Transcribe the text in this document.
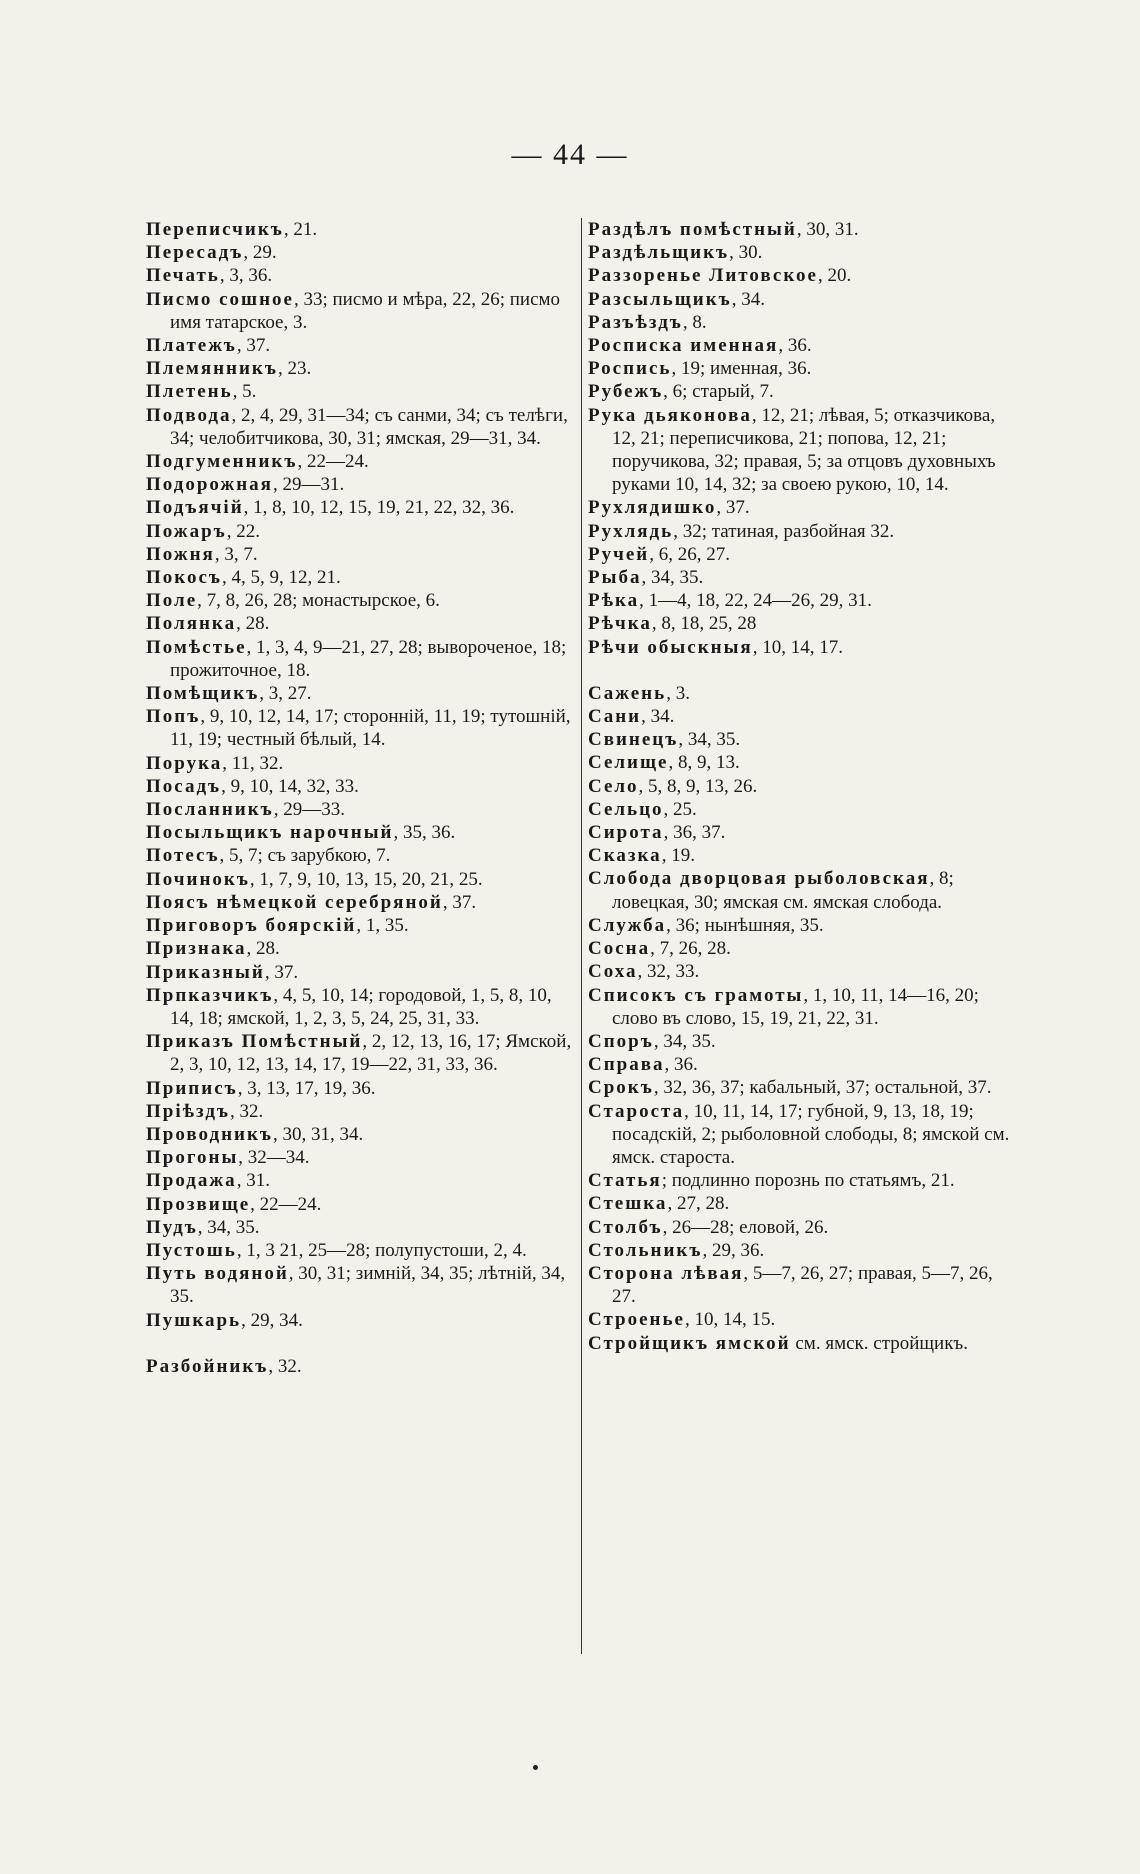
— 44 —
Переписчикъ, 21.
Пересадъ, 29.
Печать, 3, 36.
Писмо сошное, 33; писмо и мѣра, 22, 26; писмо имя татарское, 3.
Платежъ, 37.
Племянникъ, 23.
Плетень, 5.
Подвода, 2, 4, 29, 31—34; съ санми, 34; съ телѣги, 34; челобитчикова, 30, 31; ямская, 29—31, 34.
Подгуменникъ, 22—24.
Подорожная, 29—31.
Подъячій, 1, 8, 10, 12, 15, 19, 21, 22, 32, 36.
Пожаръ, 22.
Пожня, 3, 7.
Покосъ, 4, 5, 9, 12, 21.
Поле, 7, 8, 26, 28; монастырское, 6.
Полянка, 28.
Помѣстье, 1, 3, 4, 9—21, 27, 28; вывороченое, 18; прожиточное, 18.
Помѣщикъ, 3, 27.
Попъ, 9, 10, 12, 14, 17; стороннiй, 11, 19; тутошнiй, 11, 19; честный бѣлый, 14.
Порука, 11, 32.
Посадъ, 9, 10, 14, 32, 33.
Посланникъ, 29—33.
Посыльщикъ нарочный, 35, 36.
Потесъ, 5, 7; съ зарубкою, 7.
Починокъ, 1, 7, 9, 10, 13, 15, 20, 21, 25.
Поясъ нѣмецкой серебряной, 37.
Приговоръ боярскiй, 1, 35.
Признака, 28.
Приказный, 37.
Прпказчикъ, 4, 5, 10, 14; городовой, 1, 5, 8, 10, 14, 18; ямской, 1, 2, 3, 5, 24, 25, 31, 33.
Приказъ Помѣстный, 2, 12, 13, 16, 17; Ямской, 2, 3, 10, 12, 13, 14, 17, 19—22, 31, 33, 36.
Приписъ, 3, 13, 17, 19, 36.
Прiѣздъ, 32.
Проводникъ, 30, 31, 34.
Прогоны, 32—34.
Продажа, 31.
Прозвище, 22—24.
Пудъ, 34, 35.
Пустошь, 1, 3 21, 25—28; полупустоши, 2, 4.
Путь водяной, 30, 31; зимнiй, 34, 35; лѣтнiй, 34, 35.
Пушкарь, 29, 34.
Разбойникъ, 32.
Раздѣлъ помѣстный, 30, 31.
Раздѣльщикъ, 30.
Раззоренье Литовское, 20.
Разсыльщикъ, 34.
Разъѣздъ, 8.
Росписка именная, 36.
Роспись, 19; именная, 36.
Рубежъ, 6; старый, 7.
Рука дьяконова, 12, 21; лѣвая, 5; отказчикова, 12, 21; переписчикова, 21; попова, 12, 21; поручикова, 32; правая, 5; за отцовъ духовныхъ руками 10, 14, 32; за своею рукою, 10, 14.
Рухлядишко, 37.
Рухлядь, 32; татиная, разбойная 32.
Ручей, 6, 26, 27.
Рыба, 34, 35.
Рѣка, 1—4, 18, 22, 24—26, 29, 31.
Рѣчка, 8, 18, 25, 28
Рѣчи обыскныя, 10, 14, 17.
Сажень, 3.
Сани, 34.
Свинецъ, 34, 35.
Селище, 8, 9, 13.
Село, 5, 8, 9, 13, 26.
Сельцо, 25.
Сирота, 36, 37.
Сказка, 19.
Слобода дворцовая рыболовская, 8; ловецкая, 30; ямская см. ямская слобода.
Служба, 36; нынѣшняя, 35.
Сосна, 7, 26, 28.
Соха, 32, 33.
Списокъ съ грамоты, 1, 10, 11, 14—16, 20; слово въ слово, 15, 19, 21, 22, 31.
Споръ, 34, 35.
Справа, 36.
Срокъ, 32, 36, 37; кабальный, 37; остальной, 37.
Староста, 10, 11, 14, 17; губной, 9, 13, 18, 19; посадскiй, 2; рыболовной слободы, 8; ямской см. ямск. староста.
Статья; подлинно порознь по статьямъ, 21.
Стешка, 27, 28.
Столбъ, 26—28; еловой, 26.
Стольникъ, 29, 36.
Сторона лѣвая, 5—7, 26, 27; правая, 5—7, 26, 27.
Строенье, 10, 14, 15.
Стройщикъ ямской см. ямск. стройщикъ.
